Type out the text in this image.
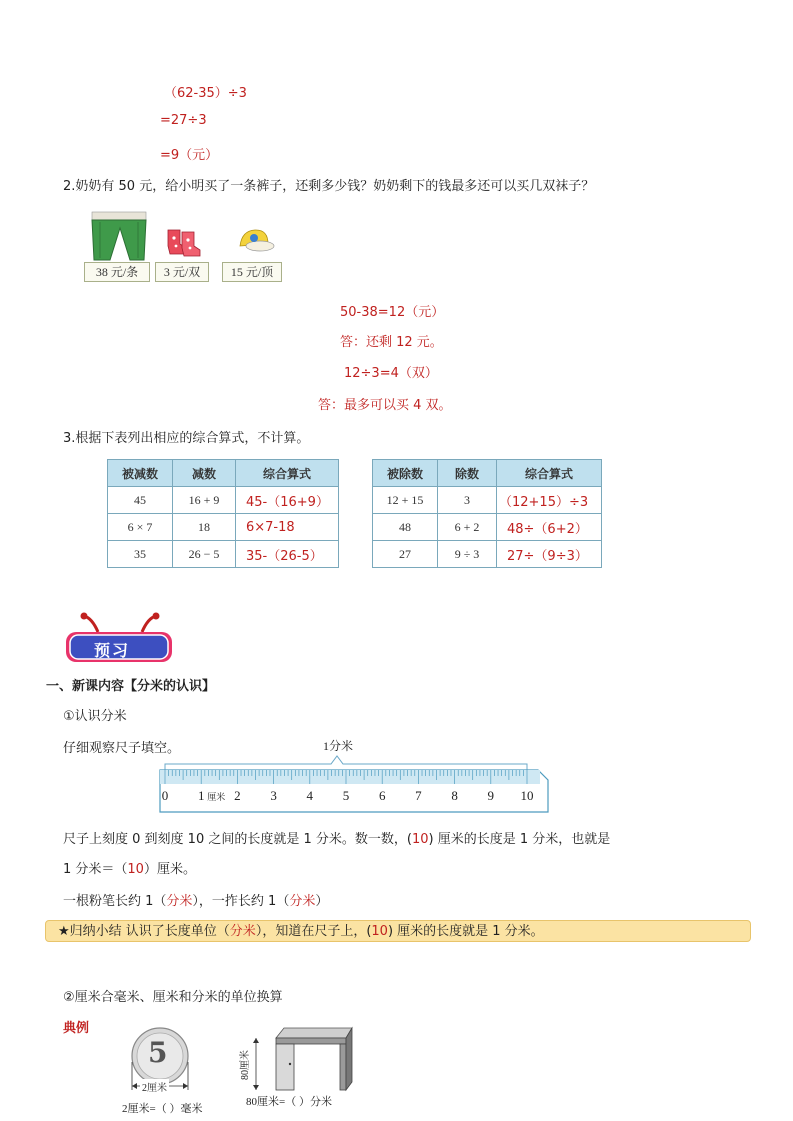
（62-35）÷3
=27÷3
=9（元）
2.奶奶有 50 元，给小明买了一条裤子，还剩多少钱？奶奶剩下的钱最多还可以买几双袜子？
38 元/条	3 元/双	15 元/顶
50-38=12（元）
答：还剩 12 元。
12÷3=4（双）
答：最多可以买 4 双。
3.根据下表列出相应的综合算式，不计算。
被减数	减数	综合算式
45	16 + 9	45-（16+9）
6 × 7	18	6×7-18
35	26 − 5	35-（26-5）
被除数	除数	综合算式
12 + 15	3	（12+15）÷3
48	6 + 2	48÷（6+2）
27	9 ÷ 3	27÷（9÷3）
预习
一、新课内容【分米的认识】
①认识分米
仔细观察尺子填空。	1分米
0 1 2 3 4 5 6 7 8 9 10
厘米
尺子上刻度 0 到刻度 10 之间的长度就是 1 分米。数一数，(10) 厘米的长度是 1 分米，也就是
1 分米＝（10）厘米。
一根粉笔长约 1（分米），一拃长约 1（分米）
★归纳小结 认识了长度单位（分米），知道在尺子上，(10) 厘米的长度就是 1 分米。
②厘米合毫米、厘米和分米的单位换算
典例
5
2厘米
2厘米=（ ）毫米
80厘米
80厘米=（ ）分米
